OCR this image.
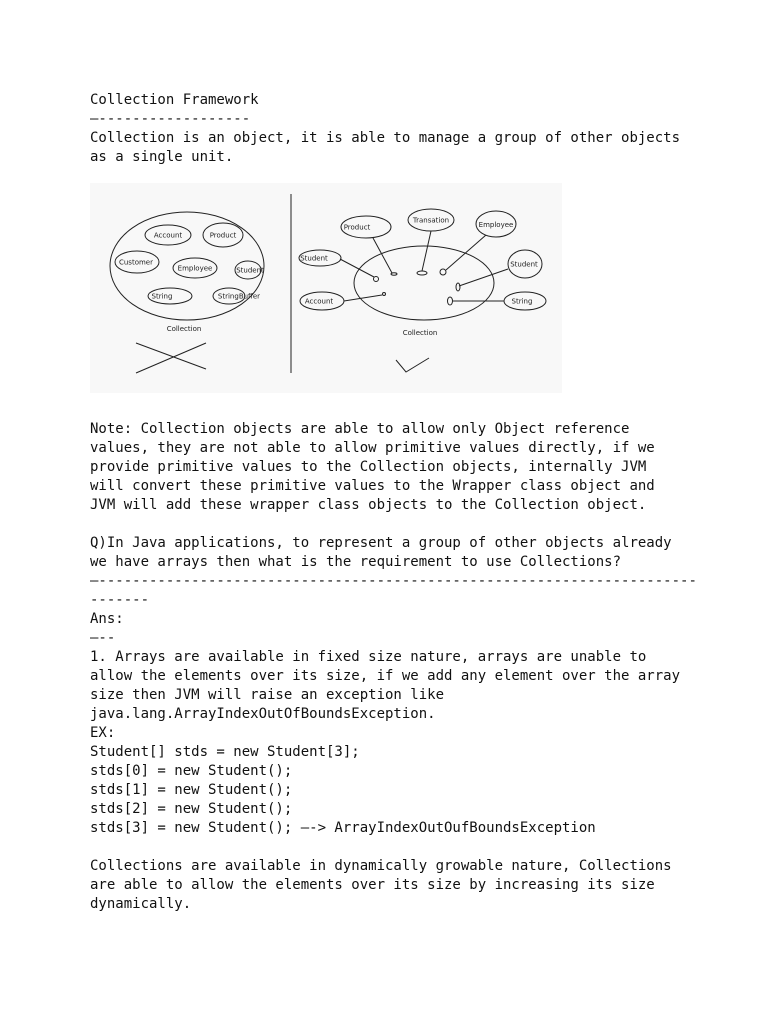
Collection Framework
—------------------
Collection is an object, it is able to manage a group of other objects
as a single unit.
Account	Product
Customer
Employee	Student
String	StringBuffer
Collection
Product
Transation
Employee
Student
Student
Account	String
Collection
Note: Collection objects are able to allow only Object reference
values, they are not able to allow primitive values directly, if we
provide primitive values to the Collection objects, internally JVM
will convert these primitive values to the Wrapper class object and
JVM will add these wrapper class objects to the Collection object.
Q)In Java applications, to represent a group of other objects already
we have arrays then what is the requirement to use Collections?
—-----------------------------------------------------------------------
-------
Ans:
—--
1. Arrays are available in fixed size nature, arrays are unable to
allow the elements over its size, if we add any element over the array
size then JVM will raise an exception like
java.lang.ArrayIndexOutOfBoundsException.
EX:
Student[] stds = new Student[3];
stds[0] = new Student();
stds[1] = new Student();
stds[2] = new Student();
stds[3] = new Student(); —-> ArrayIndexOutOufBoundsException
Collections are available in dynamically growable nature, Collections
are able to allow the elements over its size by increasing its size
dynamically.
